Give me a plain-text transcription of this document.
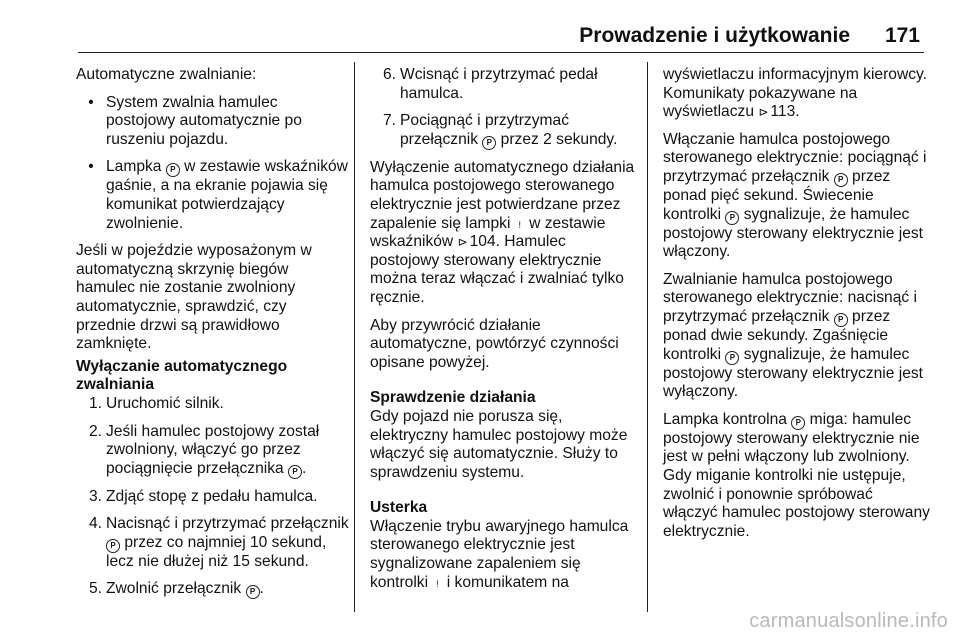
Prowadzenie i użytkowanie 171

Automatyczne zwalnianie:

• System zwalnia hamulec postojowy automatycznie po ruszeniu pojazdu.
• Lampka P w zestawie wskaźników gaśnie, a na ekranie pojawia się komunikat potwierdzający zwolnienie.

Jeśli w pojeździe wyposażonym w automatyczną skrzynię biegów hamulec nie zostanie zwolniony automatycznie, sprawdzić, czy przednie drzwi są prawidłowo zamknięte.

Wyłączanie automatycznego zwalniania

1. Uruchomić silnik.
2. Jeśli hamulec postojowy został zwolniony, włączyć go przez pociągnięcie przełącznika P .
3. Zdjąć stopę z pedału hamulca.
4. Nacisnąć i przytrzymać przełącznik P przez co najmniej 10 sekund, lecz nie dłużej niż 15 sekund.
5. Zwolnić przełącznik P .
6. Wcisnąć i przytrzymać pedał hamulca.
7. Pociągnąć i przytrzymać przełącznik P przez 2 sekundy.

Wyłączenie automatycznego działania hamulca postojowego sterowanego elektrycznie jest potwierdzane przez zapalenie się lampki ! w zestawie wskaźników ⊳ 104. Hamulec postojowy sterowany elektrycznie można teraz włączać i zwalniać tylko ręcznie.

Aby przywrócić działanie automatyczne, powtórzyć czynności opisane powyżej.

Sprawdzenie działania

Gdy pojazd nie porusza się, elektryczny hamulec postojowy może włączyć się automatycznie. Służy to sprawdzeniu systemu.

Usterka

Włączenie trybu awaryjnego hamulca sterowanego elektrycznie jest sygnalizowane zapaleniem się kontrolki ! i komunikatem na

wyświetlaczu informacyjnym kierowcy. Komunikaty pokazywane na wyświetlaczu ⊳ 113.

Włączanie hamulca postojowego sterowanego elektrycznie: pociągnąć i przytrzymać przełącznik P przez ponad pięć sekund. Świecenie kontrolki P sygnalizuje, że hamulec postojowy sterowany elektrycznie jest włączony.

Zwalnianie hamulca postojowego sterowanego elektrycznie: nacisnąć i przytrzymać przełącznik P przez ponad dwie sekundy. Zgaśnięcie kontrolki P sygnalizuje, że hamulec postojowy sterowany elektrycznie jest wyłączony.

Lampka kontrolna P miga: hamulec postojowy sterowany elektrycznie nie jest w pełni włączony lub zwolniony. Gdy miganie kontrolki nie ustępuje, zwolnić i ponownie spróbować włączyć hamulec postojowy sterowany elektrycznie.

carmanualsonline.info
